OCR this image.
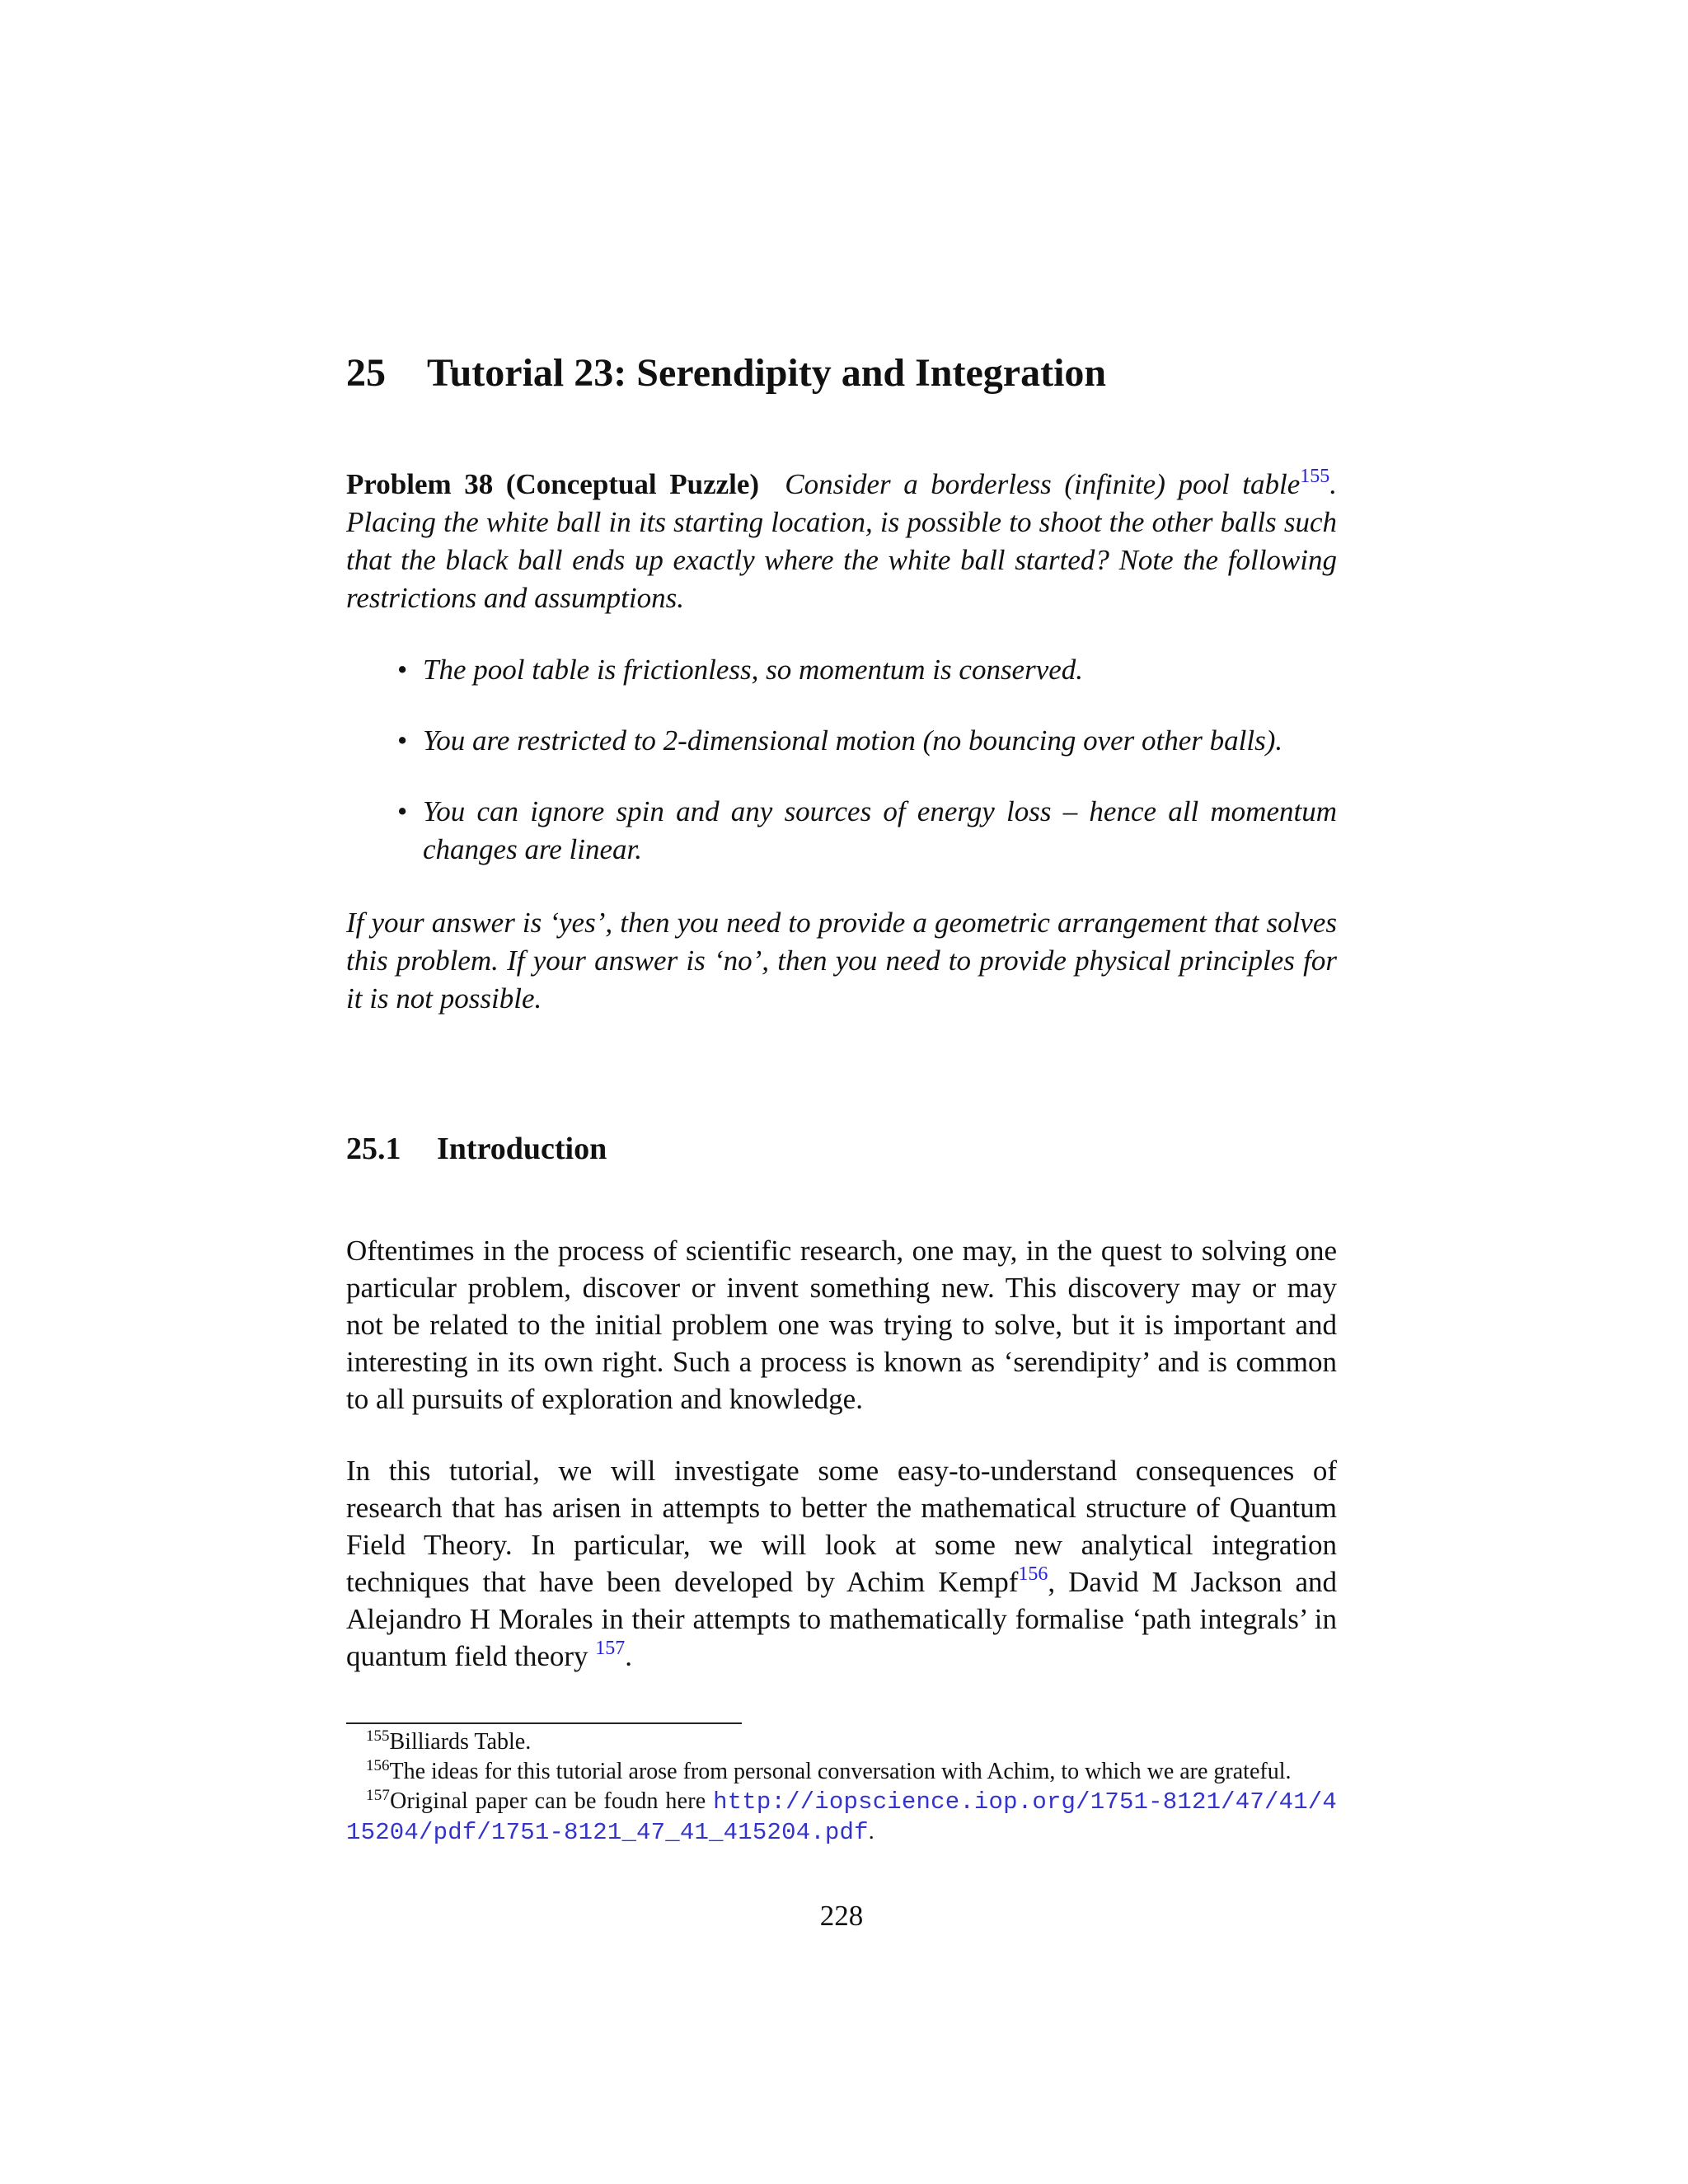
25 Tutorial 23: Serendipity and Integration

Problem 38 (Conceptual Puzzle) Consider a borderless (infinite) pool table$^{155}$. Placing the white ball in its starting location, is possible to shoot the other balls such that the black ball ends up exactly where the white ball started? Note the following restrictions and assumptions.

• The pool table is frictionless, so momentum is conserved.
• You are restricted to 2-dimensional motion (no bouncing over other balls).
• You can ignore spin and any sources of energy loss – hence all momentum changes are linear.

If your answer is ‘yes’, then you need to provide a geometric arrangement that solves this problem. If your answer is ‘no’, then you need to provide physical principles for it is not possible.

25.1 Introduction

Oftentimes in the process of scientific research, one may, in the quest to solving one particular problem, discover or invent something new. This discovery may or may not be related to the initial problem one was trying to solve, but it is important and interesting in its own right. Such a process is known as ‘serendipity’ and is common to all pursuits of exploration and knowledge.

In this tutorial, we will investigate some easy-to-understand consequences of research that has arisen in attempts to better the mathematical structure of Quantum Field Theory. In particular, we will look at some new analytical integration techniques that have been developed by Achim Kempf$^{156}$, David M Jackson and Alejandro H Morales in their attempts to mathematically formalise ‘path integrals’ in quantum field theory $^{157}$.

$^{155}$Billiards Table.

$^{156}$The ideas for this tutorial arose from personal conversation with Achim, to which we are grateful.

$^{157}$Original paper can be foudn here http://iopscience.iop.org/1751-8121/47/41/415204/pdf/1751-8121_47_41_415204.pdf.

228
